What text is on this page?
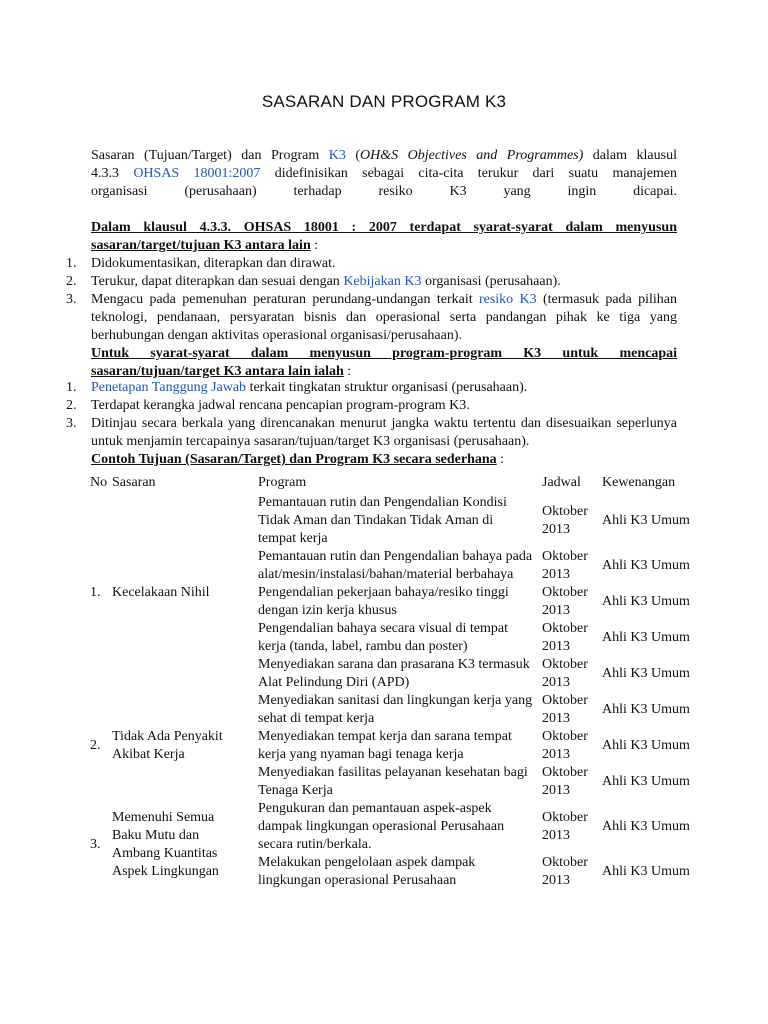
SASARAN DAN PROGRAM K3
Sasaran (Tujuan/Target) dan Program K3 (OH&S Objectives and Programmes) dalam klausul
4.3.3 OHSAS 18001:2007 didefinisikan sebagai cita-cita terukur dari suatu manajemen
organisasi (perusahaan) terhadap resiko K3 yang ingin dicapai.
Dalam klausul 4.3.3. OHSAS 18001 : 2007 terdapat syarat-syarat dalam menyusun
sasaran/target/tujuan K3 antara lain :
1. Didokumentasikan, diterapkan dan dirawat.
2. Terukur, dapat diterapkan dan sesuai dengan Kebijakan K3 organisasi (perusahaan).
3. Mengacu pada pemenuhan peraturan perundang-undangan terkait resiko K3 (termasuk pada pilihan teknologi, pendanaan, persyaratan bisnis dan operasional serta pandangan pihak ke tiga yang berhubungan dengan aktivitas operasional organisasi/perusahaan).
Untuk syarat-syarat dalam menyusun program-program K3 untuk mencapai
sasaran/tujuan/target K3 antara lain ialah :
1. Penetapan Tanggung Jawab terkait tingkatan struktur organisasi (perusahaan).
2. Terdapat kerangka jadwal rencana pencapian program-program K3.
3. Ditinjau secara berkala yang direncanakan menurut jangka waktu tertentu dan disesuaikan seperlunya untuk menjamin tercapainya sasaran/tujuan/target K3 organisasi (perusahaan).
Contoh Tujuan (Sasaran/Target) dan Program K3 secara sederhana :
No	Sasaran	Program	Jadwal	Kewenangan
1.	Kecelakaan Nihil	Pemantauan rutin dan Pengendalian Kondisi Tidak Aman dan Tindakan Tidak Aman di tempat kerja	Oktober 2013	Ahli K3 Umum
		Pemantauan rutin dan Pengendalian bahaya pada alat/mesin/instalasi/bahan/material berbahaya	Oktober 2013	Ahli K3 Umum
		Pengendalian pekerjaan bahaya/resiko tinggi dengan izin kerja khusus	Oktober 2013	Ahli K3 Umum
		Pengendalian bahaya secara visual di tempat kerja (tanda, label, rambu dan poster)	Oktober 2013	Ahli K3 Umum
		Menyediakan sarana dan prasarana K3 termasuk Alat Pelindung Diri (APD)	Oktober 2013	Ahli K3 Umum
2.	Tidak Ada Penyakit Akibat Kerja	Menyediakan sanitasi dan lingkungan kerja yang sehat di tempat kerja	Oktober 2013	Ahli K3 Umum
		Menyediakan tempat kerja dan sarana tempat kerja yang nyaman bagi tenaga kerja	Oktober 2013	Ahli K3 Umum
		Menyediakan fasilitas pelayanan kesehatan bagi Tenaga Kerja	Oktober 2013	Ahli K3 Umum
3.	Memenuhi Semua Baku Mutu dan Ambang Kuantitas Aspek Lingkungan	Pengukuran dan pemantauan aspek-aspek dampak lingkungan operasional Perusahaan secara rutin/berkala.	Oktober 2013	Ahli K3 Umum
		Melakukan pengelolaan aspek dampak lingkungan operasional Perusahaan	Oktober 2013	Ahli K3 Umum
